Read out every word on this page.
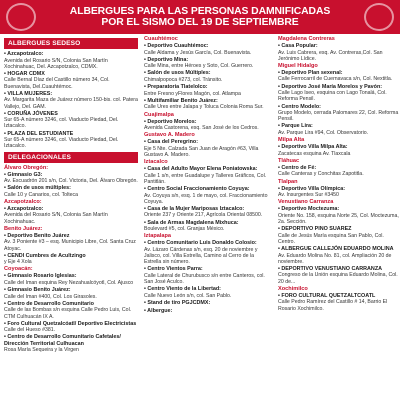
ALBERGUES PARA LAS PERSONAS DAMNIFICADAS
POR EL SISMO DEL 19 DE SEPTIEMBRE
ALBERGUES SEDESO
• Azcapotzalco:
Avenida del Rosario S/N, Colonia San Martín Xochinahuac, Del. Azcapotzalco, CDMX.
• HOGAR CDMX
Calle Bernal Díaz del Castillo número 34, Col. Buenavista, Del.Cuauhtémoc.
• VILLA MUJERES:
Av. Margarita Maza de Juárez número 150-bis. col. Patera Vallejo, Del. GAM.
• CORUÑA JÓVENES
Sur 65-A número 3246, col. Viaducto Piedad, Del. Iztacalco.
• PLAZA DEL ESTUDIANTE
Sur 65-A número 3246, col. Viaducto Piedad, Del. Iztacalco.
DELEGACIONALES
Álvaro Obregón:
• Gimnasio G3:
Av. Escuadrón 201 s/n, Col. Victoria, Del. Álvaro Obregón.
• Salón de usos múltiples:
Calle 10 y Canarios, col. Tolteca
Azcapotzalco:
• Azcapotzalco:
Avenida del Rosario S/N, Colonia San Martín Xochinahuac.
Benito Juárez:
• Deportivo Benito Juárez
Av. 3 Poniente #3 – esq. Municipio Libre, Col. Santa Cruz Atoyac.
• CENDI Cumbres de Acultzingo
y Eje 4 Xola
Coyoacán:
• Gimnasio Rosario Iglesias:
Calle del Iman esquina Rey Nezahualcóyotl, Col. Ajusco
• Gimnasio Benito Juárez:
Calle del Iman #400, Col. Los Girasoles.
• Centro de Desarrollo Comunitario
Calle de las Bombas s/n esquina Calle Pedro Luis, Col. CTM Culhuacán IX A.
• Foro Cultural Quetzalcóatl/ Deportivo Electricistas
Calle del Hueso #381.
• Centro de Desarrollo Comunitario Cafetales/ Dirección Territorial Culhuacan
Rosa María Sequeira y la Virgen
Cuauhtémoc
• Deportivo Cuauhtémoc:
Calle Aldama y Jesús García, Col. Buenavista.
• Deportivo Mina:
Calle Mina, entre Héroes y Soto, Col. Guerrero.
• Salón de usos Múltiples:
Chimalpopoca #273, col. Tránsito.
• Preparatoria Tlatelolco:
Entre Fresno yFlores Magón, col. Atlampa
• Multifamiliar Benito Juárez:
Calle Ures entre Jalapa y Toluca Colonia Roma Sur.
Cuajimalpa
• Deportivo Morelos:
Avenida Castorena, esq. San José de los Cedros.
Gustavo A. Madero
• Casa del Peregrino:
Eje 5 Nte. Calzada San Juan de Aragón #63, Villa Gustavo A. Madero.
Iztacalco
• Casa del Adulto Mayor Elena Poniatowska:
Calle 1 s/n, entre Guadalupe y Talleres Gráficos, Col. Pantitlán.
• Centro Social Fraccionamiento Coyuya:
Av. Coyuya s/n, esq. 1 de mayo, col. Fraccionamiento Coyuya.
• Casa de la Mujer Mariposas Iztacalco:
Oriente 237 y Oriente 217, Agrícola Oriental 08500.
• Sala de Armas Magdalena Mixhuca:
Boulevard #5, col. Granjas México.
Iztapalapa
• Centro Comunitario Luis Donaldo Colosio:
Av. Lázaro Cárdenas s/n, esq. 20 de noviembre y Jalisco, col. Villa Estrella, Camino al Cerro de la Estrella sin número.
• Centro Vientos Parra:
Calle Lateral de Churubusco s/n entre Canteros, col. San José Aculco.
• Centro Viento de la Libertad:
Calle Nuevo León s/n, col. San Pablo.
• Stand de tiro PGJCDMX:
• Albergue:
Magdalena Contreras
• Casa Popular:
Av. Luis Cabrera, esq. Av. Contreras,Col. San Jerónimo Lídice.
Miguel Hidalgo
• Deportivo Plan sexenal:
Calle Ferrocarril de Cuernavaca s/n, Col. Nextitla.
• Deportivo José María Morelos y Pavón:
Calle Lago Iseo, esquina con Lago Tonalá, Col. Reforma Pensil.
• Centro Modelo:
Grupo Modelo, cerrada Palomares 22, Col. Reforma Pensil.
• Parque Lira:
Av. Parque Lira #94, Col. Observatorio.
Milpa Alta
• Deportivo Villa Milpa Alta:
Zacatecas esquina Av. Tlaxcala
Tláhuac
• Centro de Fé:
Calle Canteras y Conchitas Zapotitla.
Tlalpan
• Deportivo Villa Olímpica:
Av. Insurgentes Sur #3450
Venustiano Carranza
• Deportivo Moctezuma:
Oriente No. 158, esquina Norte 25, Col. Moctezuma, 2a. Sección.
• DEPORTIVO PINO SUAREZ
Calle de Jesús María esquina San Pablo, Col. Centro.
• ALBERGUE CALLEJÓN EDUARDO MOLINA
Av. Eduardo Molina No. 81, col. Ampliación 20 de noviembre.
• DEPORTIVO VENUSTIANO CARRANZA
Congreso de la Unión esquina Eduardo Molina, Col. 20 de...
Xochimilco
• FORO CULTURAL QUETZALTCOATL
Calle Pedro Ramírez del Castillo # 14, Barrio El Rosario Xochimilco.
